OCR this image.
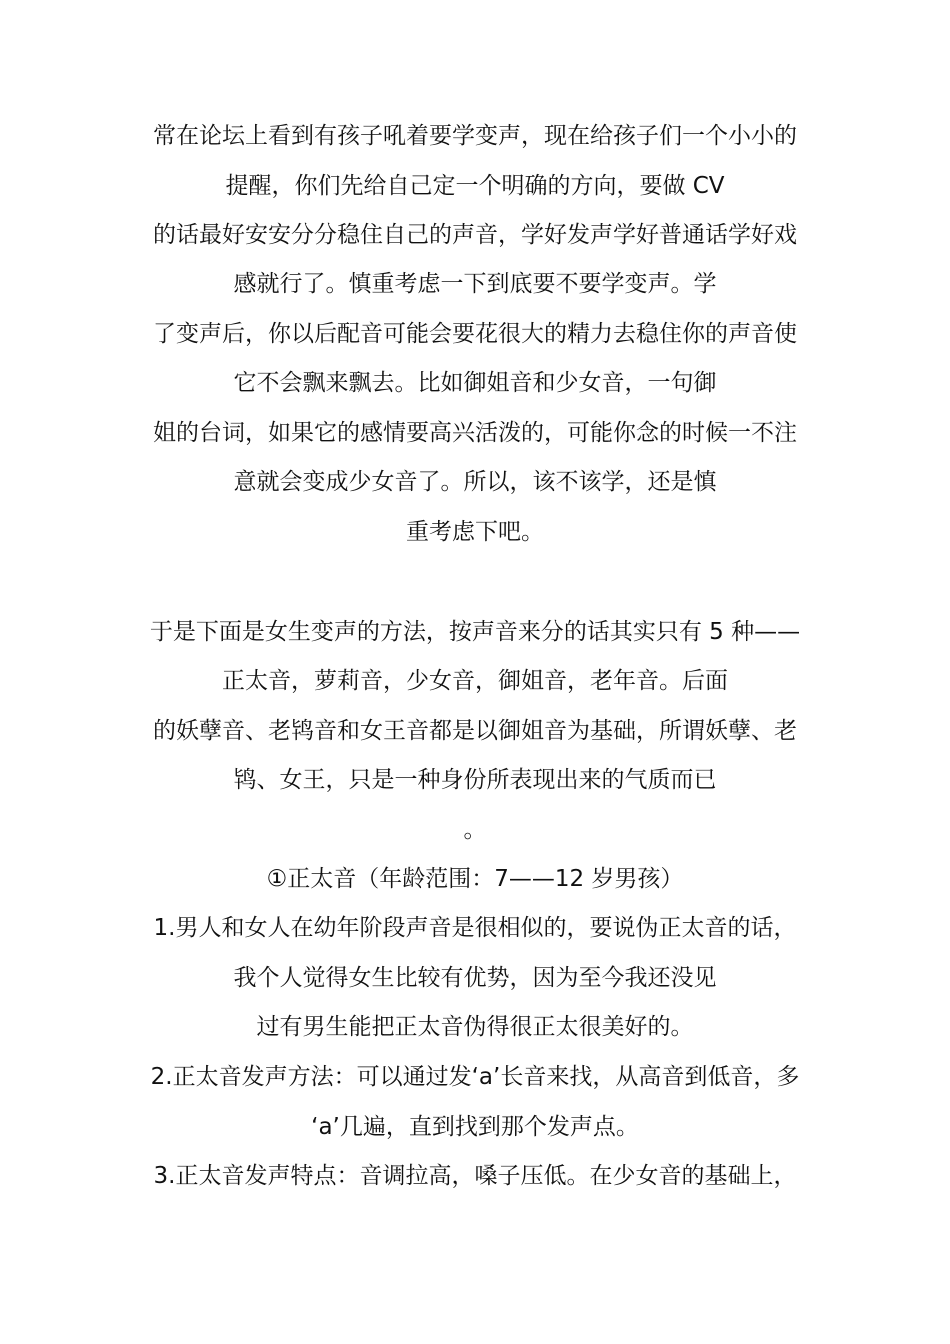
常在论坛上看到有孩子吼着要学变声，现在给孩子们一个小小的
提醒，你们先给自己定一个明确的方向，要做 CV
的话最好安安分分稳住自己的声音，学好发声学好普通话学好戏
感就行了。慎重考虑一下到底要不要学变声。学
了变声后，你以后配音可能会要花很大的精力去稳住你的声音使
它不会飘来飘去。比如御姐音和少女音，一句御
姐的台词，如果它的感情要高兴活泼的，可能你念的时候一不注
意就会变成少女音了。所以，该不该学，还是慎
重考虑下吧。
于是下面是女生变声的方法，按声音来分的话其实只有 5 种——
正太音，萝莉音，少女音，御姐音，老年音。后面
的妖孽音、老鸨音和女王音都是以御姐音为基础，所谓妖孽、老
鸨、女王，只是一种身份所表现出来的气质而已
。
①正太音（年龄范围：7——12 岁男孩）
1.男人和女人在幼年阶段声音是很相似的，要说伪正太音的话，
我个人觉得女生比较有优势，因为至今我还没见
过有男生能把正太音伪得很正太很美好的。
2.正太音发声方法：可以通过发‘a’长音来找，从高音到低音，多
‘a’几遍，直到找到那个发声点。
3.正太音发声特点：音调拉高，嗓子压低。在少女音的基础上，
